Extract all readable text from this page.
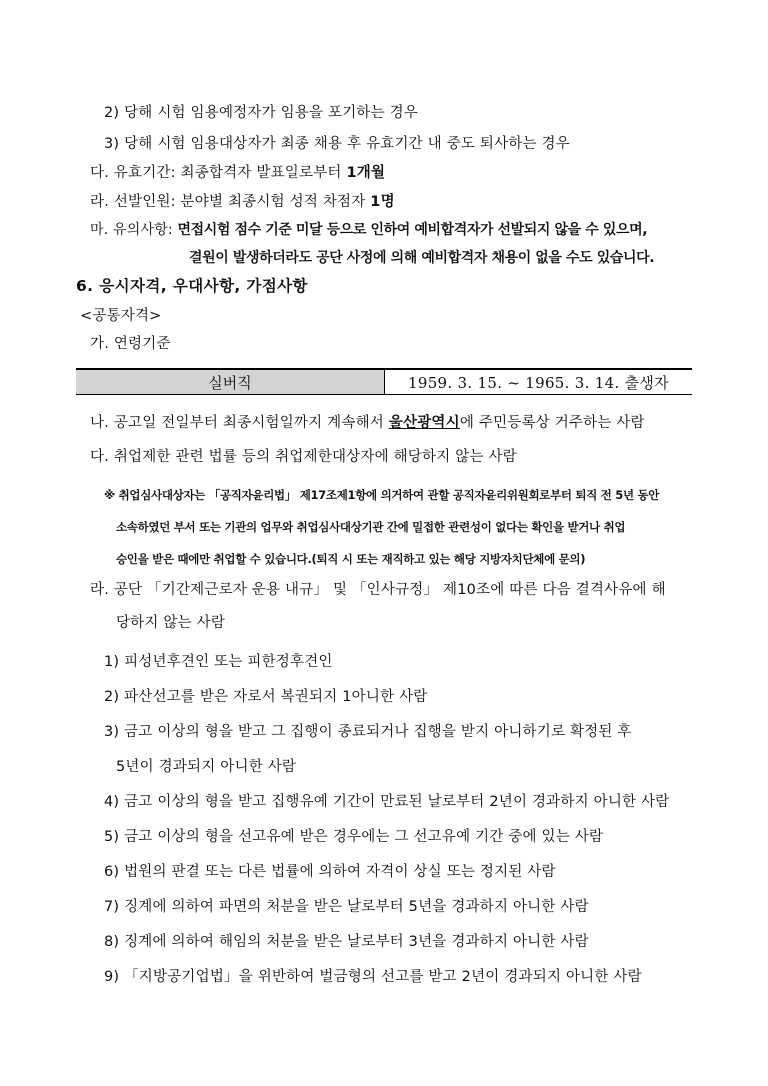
2) 당해 시험 임용예정자가 임용을 포기하는 경우
3) 당해 시험 임용대상자가 최종 채용 후 유효기간 내 중도 퇴사하는 경우
다. 유효기간: 최종합격자 발표일로부터 1개월
라. 선발인원: 분야별 최종시험 성적 차점자 1명
마. 유의사항: 면접시험 점수 기준 미달 등으로 인하여 예비합격자가 선발되지 않을 수 있으며,
결원이 발생하더라도 공단 사정에 의해 예비합격자 채용이 없을 수도 있습니다.
6. 응시자격, 우대사항, 가점사항
<공통자격>
가. 연령기준
실버직	1959. 3. 15. ~ 1965. 3. 14. 출생자
나. 공고일 전일부터 최종시험일까지 계속해서 울산광역시에 주민등록상 거주하는 사람
다. 취업제한 관련 법률 등의 취업제한대상자에 해당하지 않는 사람
※ 취업심사대상자는 「공직자윤리법」 제17조제1항에 의거하여 관할 공직자윤리위원회로부터 퇴직 전 5년 동안
소속하였던 부서 또는 기관의 업무와 취업심사대상기관 간에 밀접한 관련성이 없다는 확인을 받거나 취업
승인을 받은 때에만 취업할 수 있습니다.(퇴직 시 또는 재직하고 있는 해당 지방자치단체에 문의)
라. 공단 「기간제근로자 운용 내규」 및 「인사규정」 제10조에 따른 다음 결격사유에 해
당하지 않는 사람
1) 피성년후견인 또는 피한정후견인
2) 파산선고를 받은 자로서 복권되지 1아니한 사람
3) 금고 이상의 형을 받고 그 집행이 종료되거나 집행을 받지 아니하기로 확정된 후
5년이 경과되지 아니한 사람
4) 금고 이상의 형을 받고 집행유예 기간이 만료된 날로부터 2년이 경과하지 아니한 사람
5) 금고 이상의 형을 선고유예 받은 경우에는 그 선고유예 기간 중에 있는 사람
6) 법원의 판결 또는 다른 법률에 의하여 자격이 상실 또는 정지된 사람
7) 징계에 의하여 파면의 처분을 받은 날로부터 5년을 경과하지 아니한 사람
8) 징계에 의하여 해임의 처분을 받은 날로부터 3년을 경과하지 아니한 사람
9) 「지방공기업법」을 위반하여 벌금형의 선고를 받고 2년이 경과되지 아니한 사람
